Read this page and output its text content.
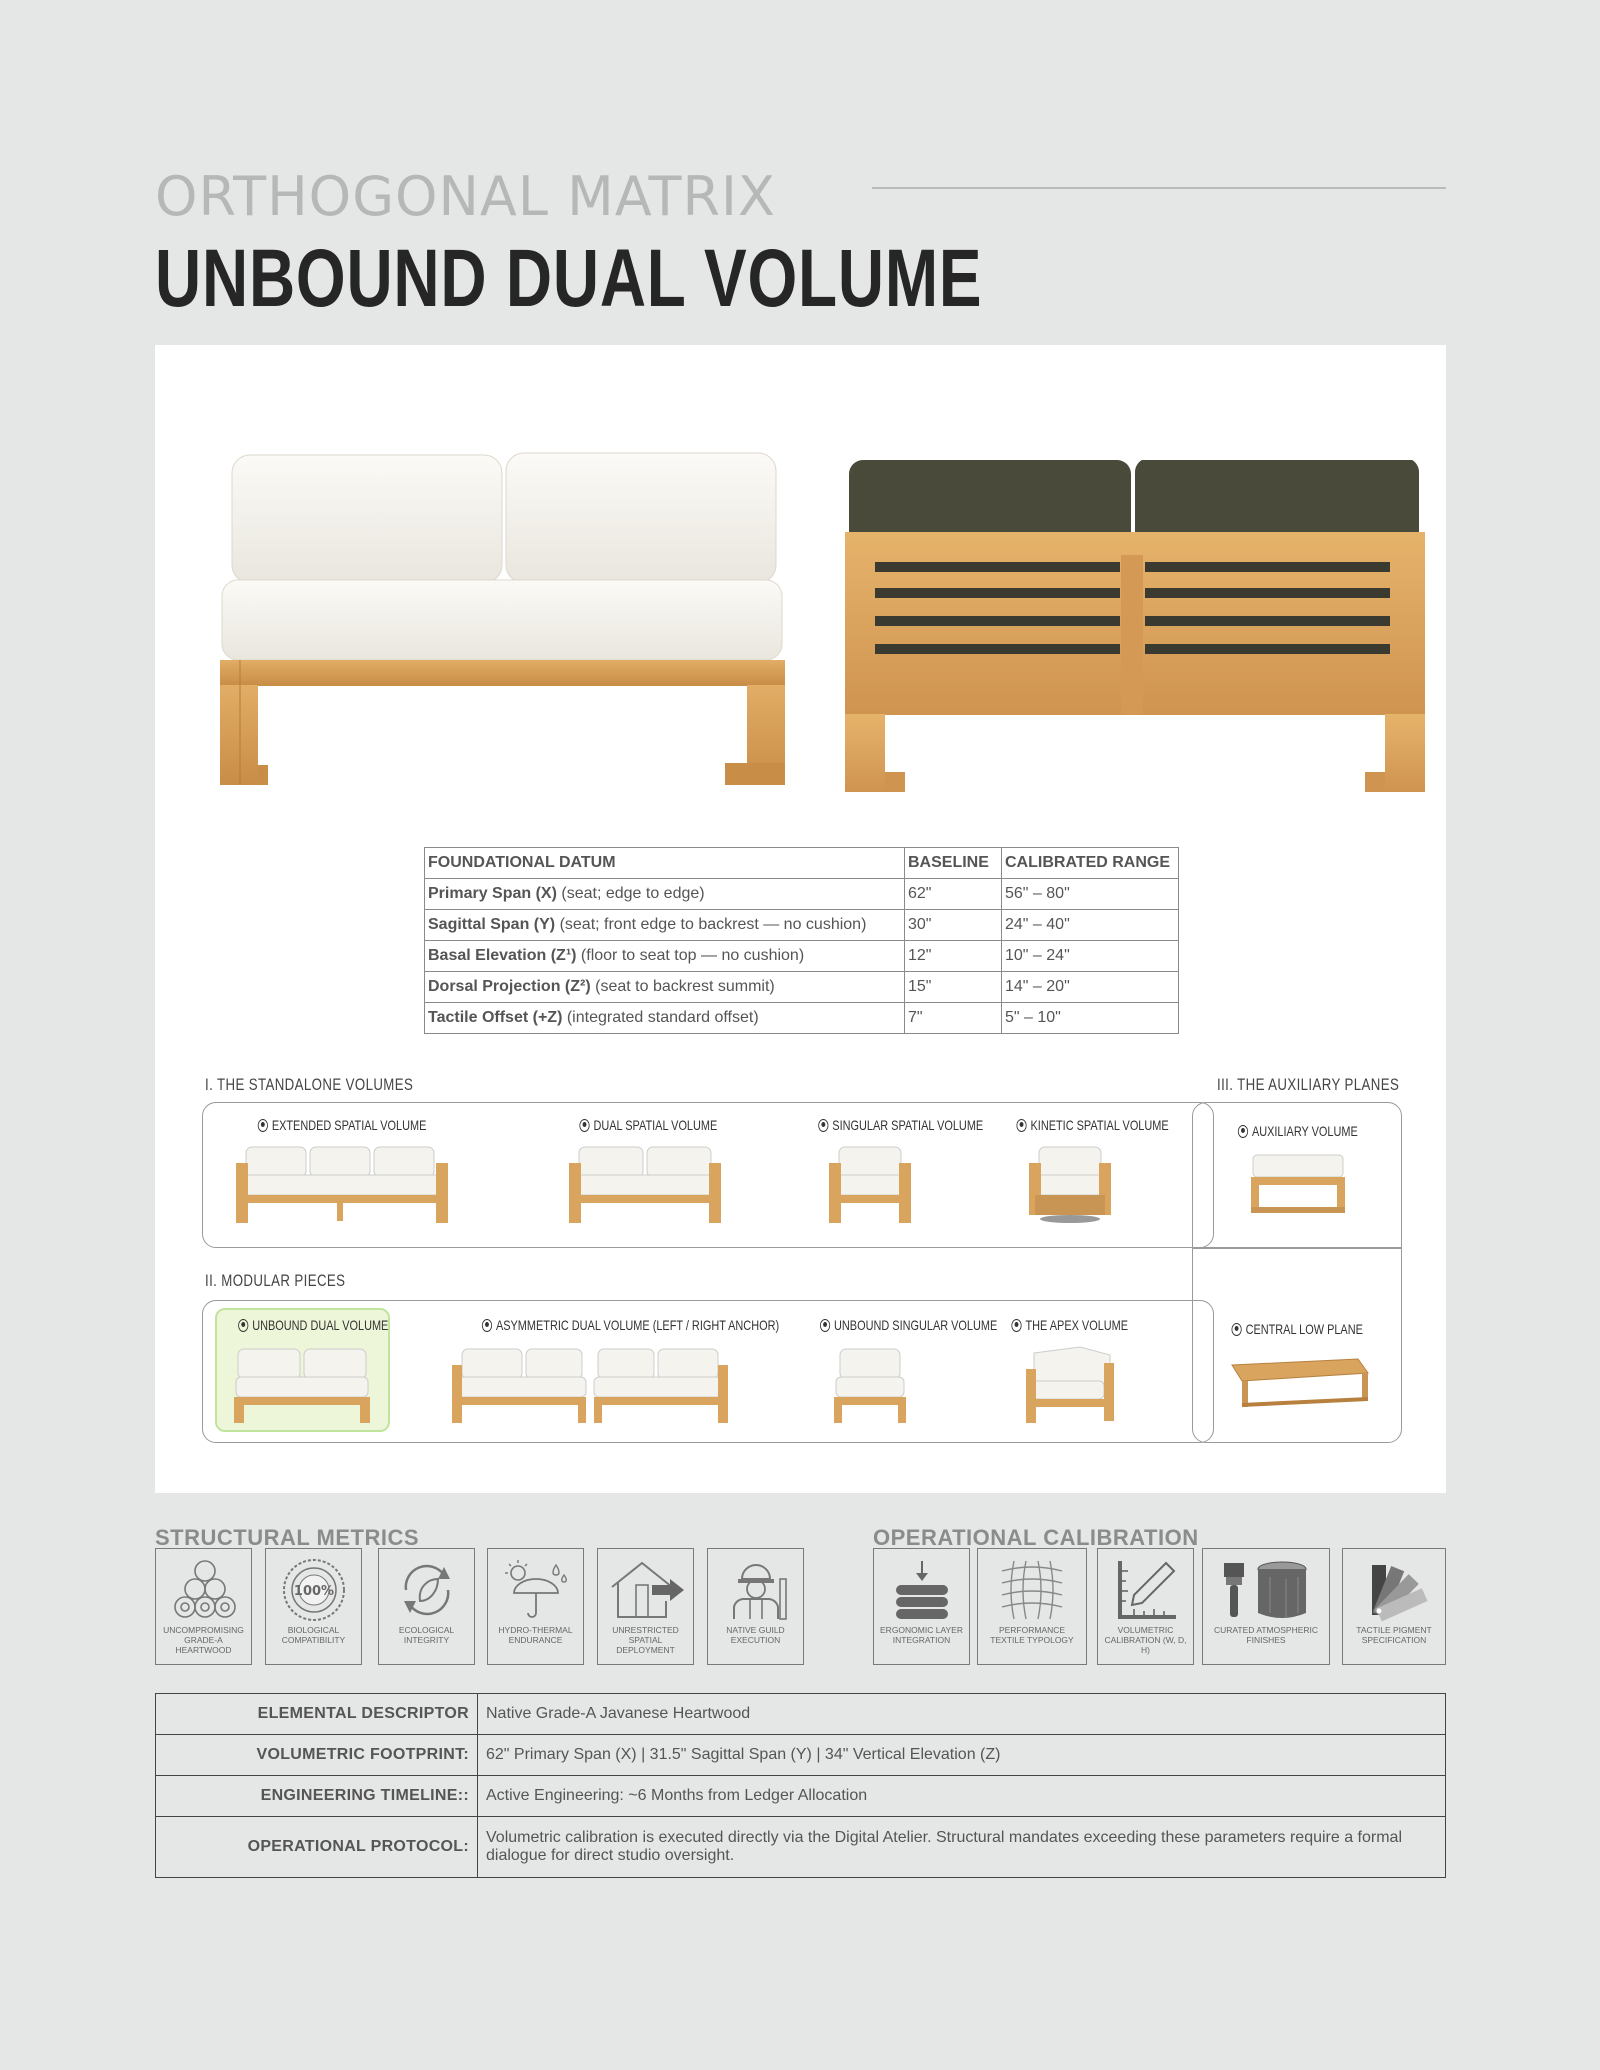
ORTHOGONAL MATRIX
UNBOUND DUAL VOLUME
FOUNDATIONAL DATUM	BASELINE	CALIBRATED RANGE
Primary Span (X) (seat; edge to edge)	62"	56" – 80"
Sagittal Span (Y) (seat; front edge to backrest — no cushion)	30"	24" – 40"
Basal Elevation (Z¹) (floor to seat top — no cushion)	12"	10" – 24"
Dorsal Projection (Z²) (seat to backrest summit)	15"	14" – 20"
Tactile Offset (+Z) (integrated standard offset)	7"	5" – 10"
I. THE STANDALONE VOLUMES	III. THE AUXILIARY PLANES
II. MODULAR PIECES
EXTENDED SPATIAL VOLUME	DUAL SPATIAL VOLUME	SINGULAR SPATIAL VOLUME	KINETIC SPATIAL VOLUME	AUXILIARY VOLUME
CENTRAL LOW PLANE
UNBOUND DUAL VOLUME	ASYMMETRIC DUAL VOLUME (LEFT / RIGHT ANCHOR)	UNBOUND SINGULAR VOLUME THE APEX VOLUME
STRUCTURAL METRICS	OPERATIONAL CALIBRATION
UNCOMPROMISING GRADE-A HEARTWOOD
100%
BIOLOGICAL COMPATIBILITY
ECOLOGICAL INTEGRITY
HYDRO-THERMAL ENDURANCE
UNRESTRICTED SPATIAL DEPLOYMENT
NATIVE GUILD EXECUTION
ERGONOMIC LAYER INTEGRATION
PERFORMANCE TEXTILE TYPOLOGY
VOLUMETRIC CALIBRATION (W, D, H)
CURATED ATMOSPHERIC FINISHES
TACTILE PIGMENT SPECIFICATION
ELEMENTAL DESCRIPTOR	Native Grade-A Javanese Heartwood
VOLUMETRIC FOOTPRINT:	62" Primary Span (X) | 31.5" Sagittal Span (Y) | 34" Vertical Elevation (Z)
ENGINEERING TIMELINE::	Active Engineering: ~6 Months from Ledger Allocation
OPERATIONAL PROTOCOL:	Volumetric calibration is executed directly via the Digital Atelier. Structural mandates exceeding these parameters require a formal dialogue for direct studio oversight.
